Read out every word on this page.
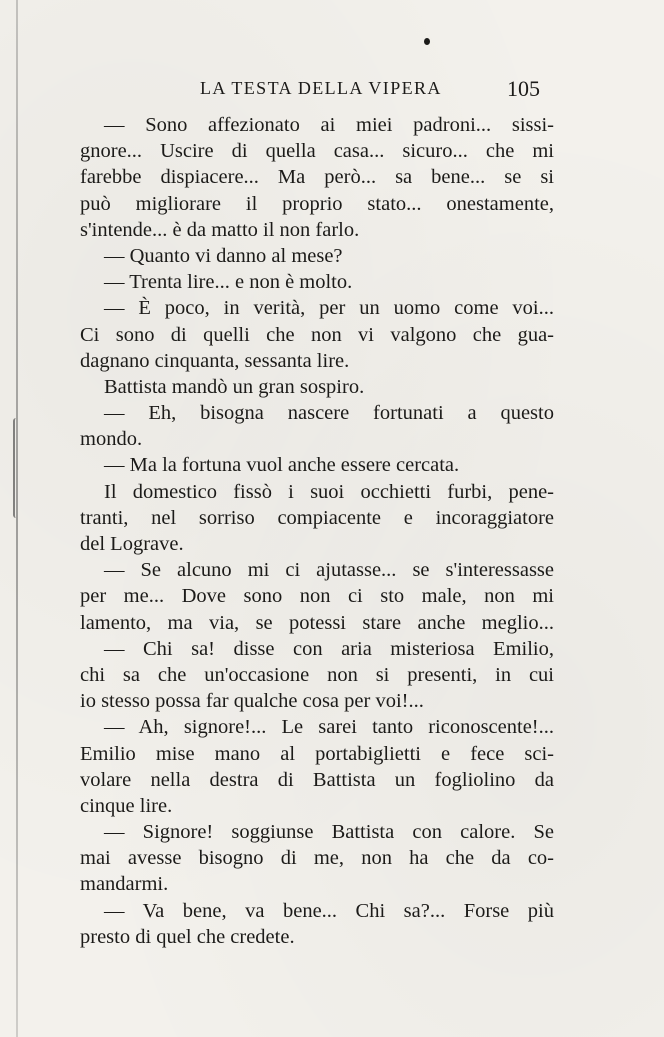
LA TESTA DELLA VIPERA	105
— Sono affezionato ai miei padroni... sissi-
gnore... Uscire di quella casa... sicuro... che mi
farebbe dispiacere... Ma però... sa bene... se si
può migliorare il proprio stato... onestamente,
s'intende... è da matto il non farlo.
— Quanto vi danno al mese?
— Trenta lire... e non è molto.
— È poco, in verità, per un uomo come voi...
Ci sono di quelli che non vi valgono che gua-
dagnano cinquanta, sessanta lire.
Battista mandò un gran sospiro.
— Eh, bisogna nascere fortunati a questo
mondo.
— Ma la fortuna vuol anche essere cercata.
Il domestico fissò i suoi occhietti furbi, pene-
tranti, nel sorriso compiacente e incoraggiatore
del Lograve.
— Se alcuno mi ci ajutasse... se s'interessasse
per me... Dove sono non ci sto male, non mi
lamento, ma via, se potessi stare anche meglio...
— Chi sa! disse con aria misteriosa Emilio,
chi sa che un'occasione non si presenti, in cui
io stesso possa far qualche cosa per voi!...
— Ah, signore!... Le sarei tanto riconoscente!...
Emilio mise mano al portabiglietti e fece sci-
volare nella destra di Battista un fogliolino da
cinque lire.
— Signore! soggiunse Battista con calore. Se
mai avesse bisogno di me, non ha che da co-
mandarmi.
— Va bene, va bene... Chi sa?... Forse più
presto di quel che credete.
